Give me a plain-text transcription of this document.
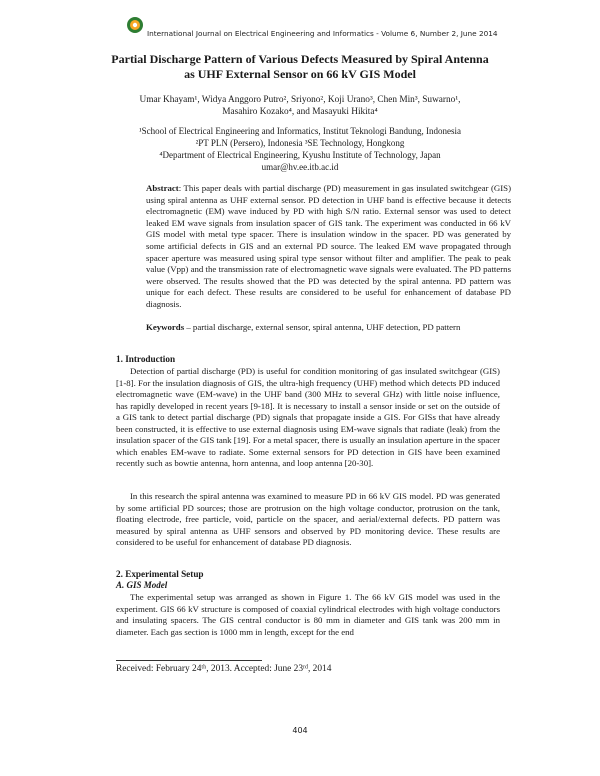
International Journal on Electrical Engineering and Informatics - Volume 6, Number 2, June 2014
Partial Discharge Pattern of Various Defects Measured by Spiral Antenna
as UHF External Sensor on 66 kV GIS Model
Umar Khayam¹, Widya Anggoro Putro², Sriyono², Koji Urano³, Chen Min³, Suwarno¹,
Masahiro Kozako⁴, and Masayuki Hikita⁴
¹School of Electrical Engineering and Informatics, Institut Teknologi Bandung, Indonesia
²PT PLN (Persero), Indonesia ³SE Technology, Hongkong
⁴Department of Electrical Engineering, Kyushu Institute of Technology, Japan
umar@hv.ee.itb.ac.id

Abstract: This paper deals with partial discharge (PD) measurement in gas insulated switchgear (GIS) using spiral antenna as UHF external sensor. PD detection in UHF band is effective because it detects electromagnetic (EM) wave induced by PD with high S/N ratio. External sensor was used to detect leaked EM wave signals from insulation spacer of GIS tank. The experiment was conducted in 66 kV GIS model with metal type spacer. There is insulation window in the spacer. PD was generated by some artificial defects in GIS and an external PD source. The leaked EM wave propagated through spacer aperture was measured using spiral type sensor without filter and amplifier. The peak to peak value (Vpp) and the transmission rate of electromagnetic wave signals were evaluated. The PD patterns were observed. The results showed that the PD was detected by the spiral antenna. PD pattern was unique for each defect. These results are considered to be useful for enhancement of database PD diagnosis.

Keywords – partial discharge, external sensor, spiral antenna, UHF detection, PD pattern

1. Introduction

Detection of partial discharge (PD) is useful for condition monitoring of gas insulated switchgear (GIS) [1-8]. For the insulation diagnosis of GIS, the ultra-high frequency (UHF) method which detects PD induced electromagnetic wave (EM-wave) in the UHF band (300 MHz to several GHz) with little noise influence, has rapidly developed in recent years [9-18]. It is necessary to install a sensor inside or set on the outside of a GIS tank to detect partial discharge (PD) signals that propagate inside a GIS. For GISs that have already been constructed, it is effective to use external diagnosis using EM-wave signals that radiate (leak) from the insulation spacer of the GIS tank [19]. For a metal spacer, there is usually an insulation aperture in the spacer which enables EM-wave to radiate. Some external sensors for PD detection in GIS have been examined recently such as bowtie antenna, horn antenna, and loop antenna [20-30].

In this research the spiral antenna was examined to measure PD in 66 kV GIS model. PD was generated by some artificial PD sources; those are protrusion on the high voltage conductor, protrusion on the tank, floating electrode, free particle, void, particle on the spacer, and aerial/external defects. PD pattern was measured by spiral antenna as UHF sensors and observed by PD monitoring device. These results are considered to be useful for enhancement of database PD diagnosis.

2. Experimental Setup
A. GIS Model

The experimental setup was arranged as shown in Figure 1. The 66 kV GIS model was used in the experiment. GIS 66 kV structure is composed of coaxial cylindrical electrodes with high voltage conductors and insulating spacers. The GIS central conductor is 80 mm in diameter and GIS tank was 200 mm in diameter. Each gas section is 1000 mm in length, except for the end

Received: February 24ᵗʰ, 2013. Accepted: June 23ʳᵈ, 2014
404
